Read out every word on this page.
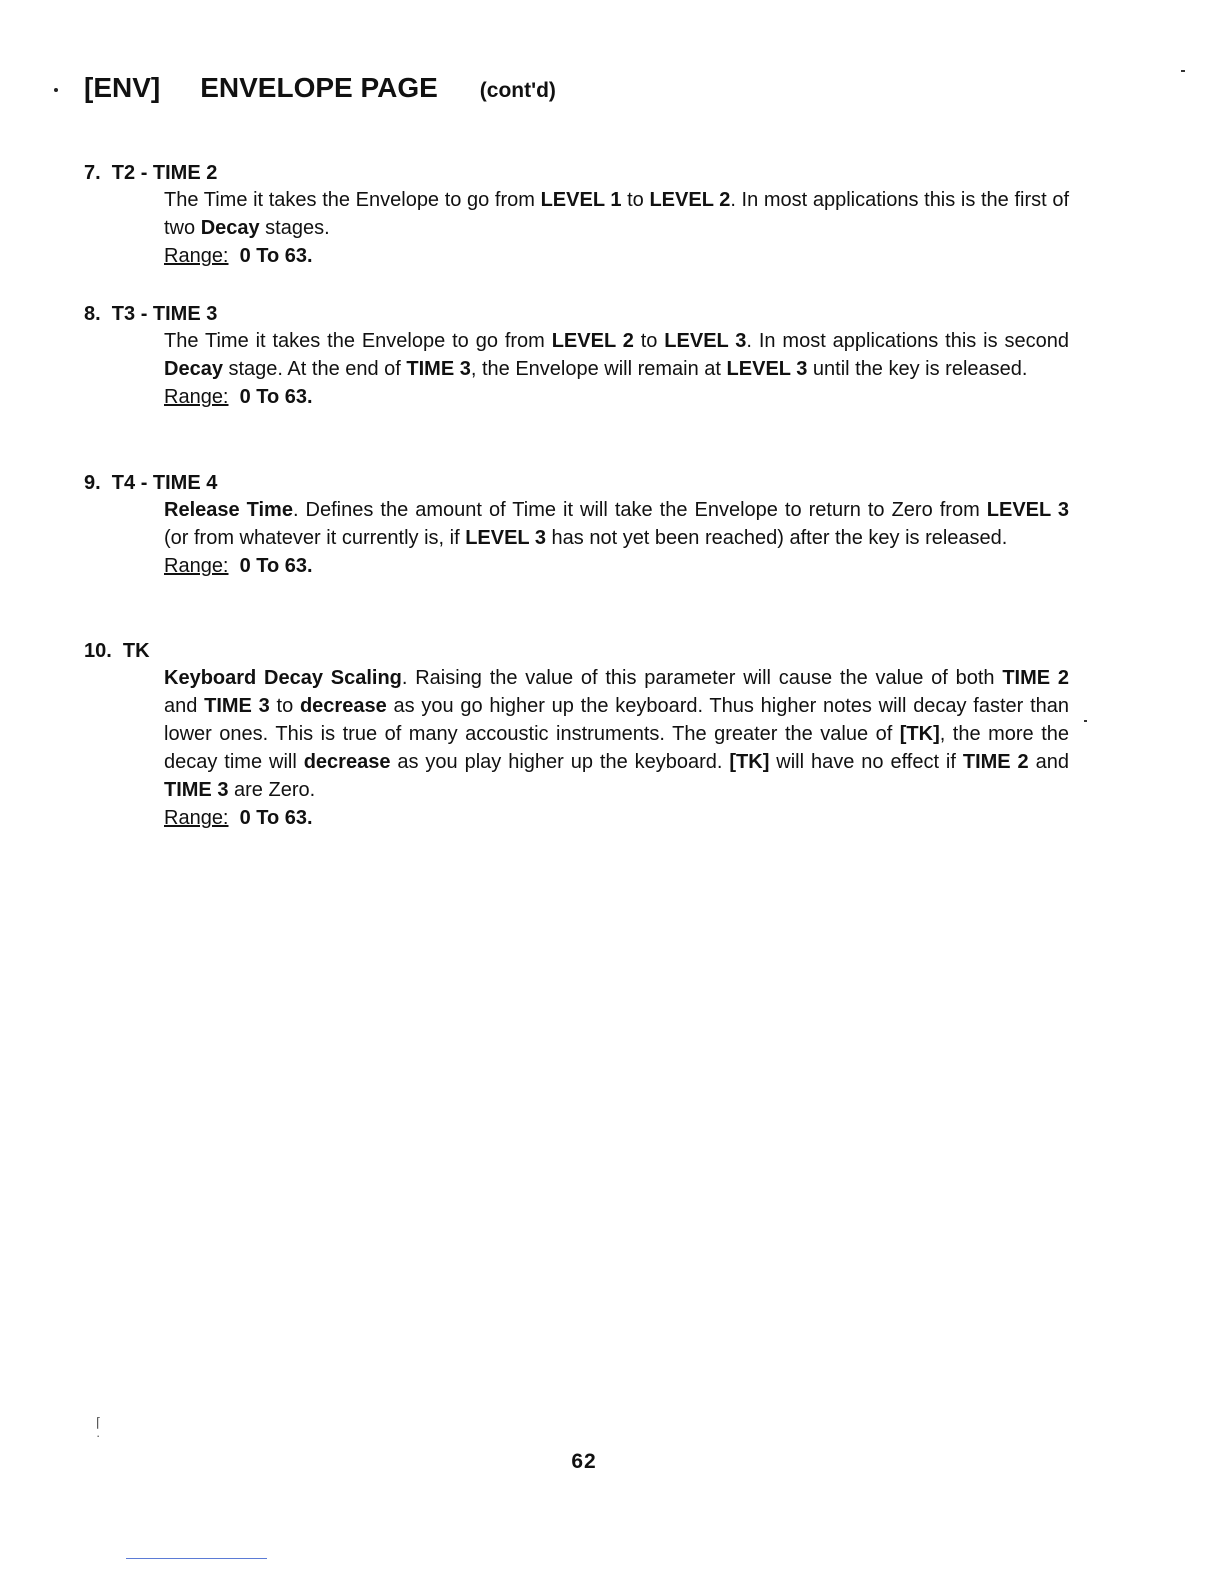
⌈
·
[ENV] ENVELOPE PAGE (cont'd)
7.  T2 - TIME 2

The Time it takes the Envelope to go from LEVEL 1 to LEVEL 2. In most applications this is the first of two Decay stages.

Range: 0 To 63.
8.  T3 - TIME 3

The Time it takes the Envelope to go from LEVEL 2 to LEVEL 3. In most applications this is second Decay stage. At the end of TIME 3, the Envelope will remain at LEVEL 3 until the key is released.

Range: 0 To 63.
9.  T4 - TIME 4

Release Time. Defines the amount of Time it will take the Envelope to return to Zero from LEVEL 3 (or from whatever it currently is, if LEVEL 3 has not yet been reached) after the key is released.

Range: 0 To 63.
10.  TK

Keyboard Decay Scaling. Raising the value of this parameter will cause the value of both TIME 2 and TIME 3 to decrease as you go higher up the keyboard. Thus higher notes will decay faster than lower ones. This is true of many accoustic instruments. The greater the value of [TK], the more the decay time will decrease as you play higher up the keyboard. [TK] will have no effect if TIME 2 and TIME 3 are Zero.

Range: 0 To 63.
62
